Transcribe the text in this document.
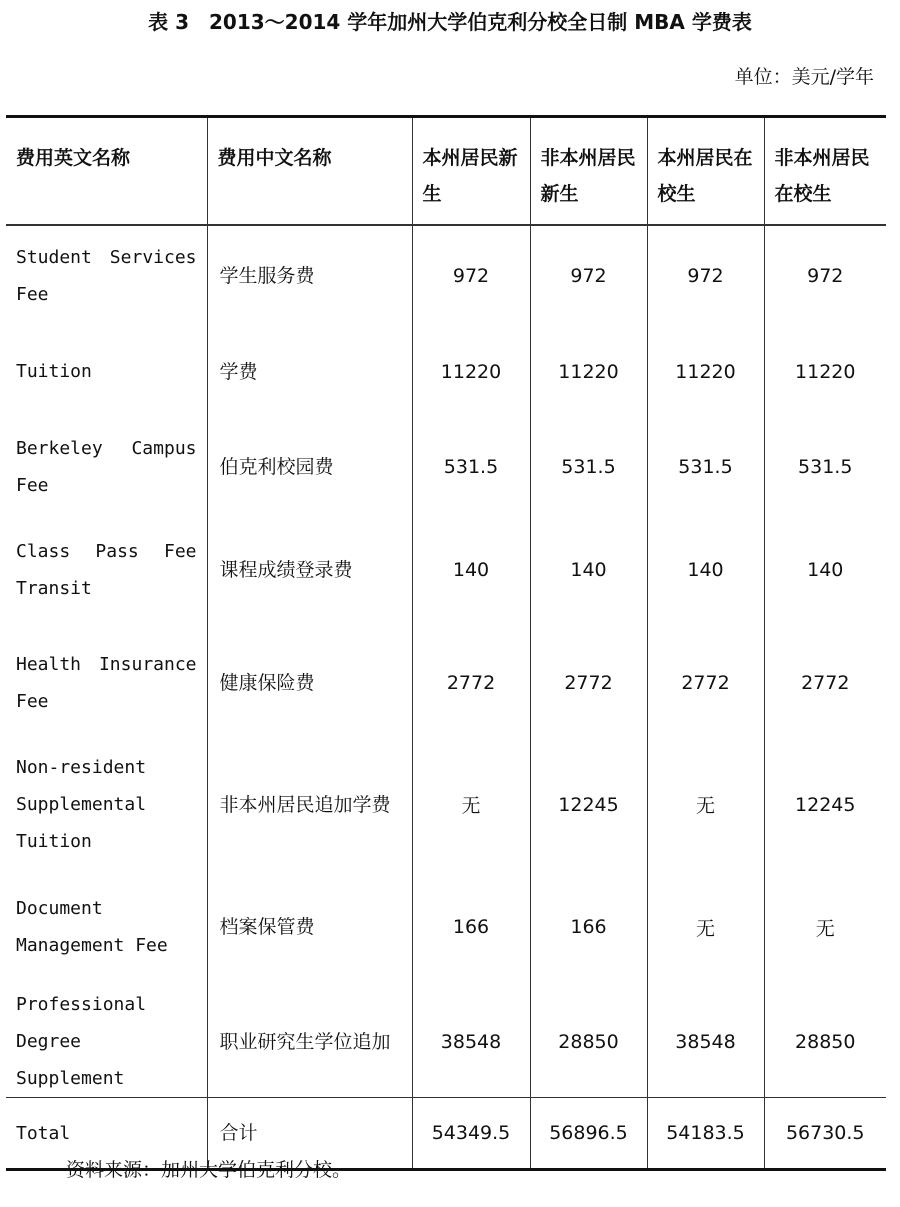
表 3　2013～2014 学年加州大学伯克利分校全日制 MBA 学费表
单位：美元/学年
费用英文名称	费用中文名称	本州居民新生	非本州居民新生	本州居民在校生	非本州居民在校生
Student Services Fee	学生服务费	972	972	972	972
Tuition	学费	11220	11220	11220	11220
Berkeley Campus Fee	伯克利校园费	531.5	531.5	531.5	531.5
Class Pass Fee Transit	课程成绩登录费	140	140	140	140
Health Insurance Fee	健康保险费	2772	2772	2772	2772
Non-resident Supplemental Tuition	非本州居民追加学费	无	12245	无	12245
Document Management Fee	档案保管费	166	166	无	无
Professional Degree Supplement	职业研究生学位追加	38548	28850	38548	28850
Total	合计	54349.5	56896.5	54183.5	56730.5
资料来源：加州大学伯克利分校。
